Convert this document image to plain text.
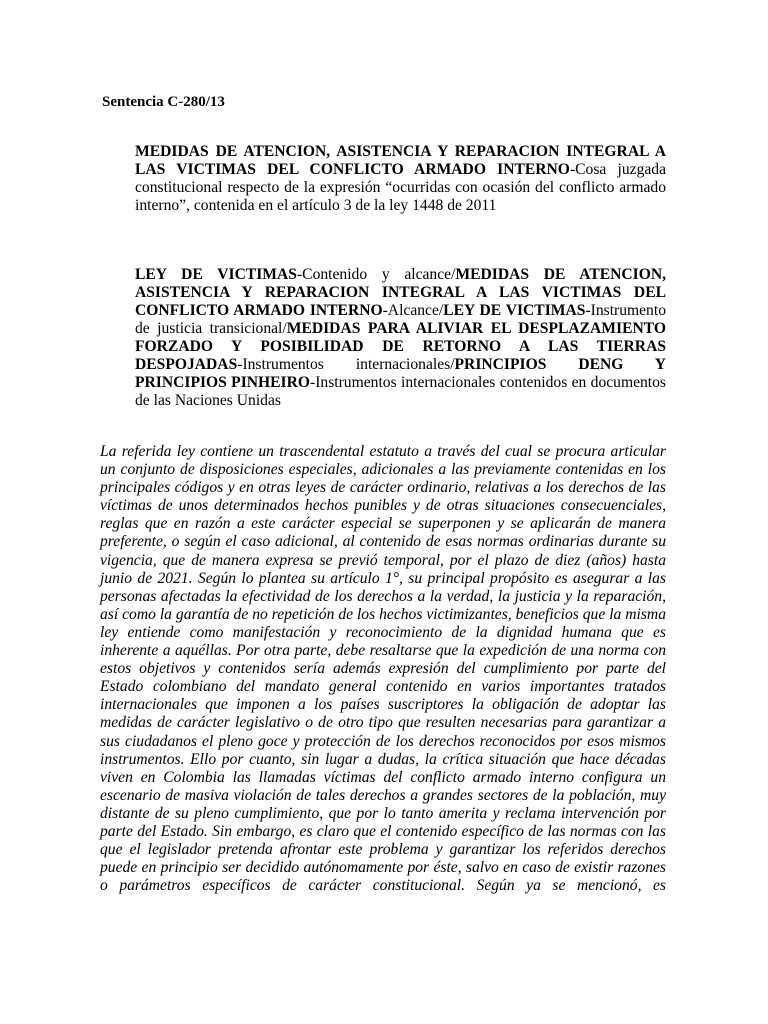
Sentencia C-280/13

MEDIDAS DE ATENCION, ASISTENCIA Y REPARACION INTEGRAL A LAS VICTIMAS DEL CONFLICTO ARMADO INTERNO-Cosa juzgada constitucional respecto de la expresión “ocurridas con ocasión del conflicto armado interno”, contenida en el artículo 3 de la ley 1448 de 2011

LEY DE VICTIMAS-Contenido y alcance/MEDIDAS DE ATENCION, ASISTENCIA Y REPARACION INTEGRAL A LAS VICTIMAS DEL CONFLICTO ARMADO INTERNO-Alcance/LEY DE VICTIMAS-Instrumento de justicia transicional/MEDIDAS PARA ALIVIAR EL DESPLAZAMIENTO FORZADO Y POSIBILIDAD DE RETORNO A LAS TIERRAS DESPOJADAS-Instrumentos internacionales/PRINCIPIOS DENG Y PRINCIPIOS PINHEIRO-Instrumentos internacionales contenidos en documentos de las Naciones Unidas

La referida ley contiene un trascendental estatuto a través del cual se procura articular un conjunto de disposiciones especiales, adicionales a las previamente contenidas en los principales códigos y en otras leyes de carácter ordinario, relativas a los derechos de las víctimas de unos determinados hechos punibles y de otras situaciones consecuenciales, reglas que en razón a este carácter especial se superponen y se aplicarán de manera preferente, o según el caso adicional, al contenido de esas normas ordinarias durante su vigencia, que de manera expresa se previó temporal, por el plazo de diez (años) hasta junio de 2021. Según lo plantea su artículo 1°, su principal propósito es asegurar a las personas afectadas la efectividad de los derechos a la verdad, la justicia y la reparación, así como la garantía de no repetición de los hechos victimizantes, beneficios que la misma ley entiende como manifestación y reconocimiento de la dignidad humana que es inherente a aquéllas. Por otra parte, debe resaltarse que la expedición de una norma con estos objetivos y contenidos sería además expresión del cumplimiento por parte del Estado colombiano del mandato general contenido en varios importantes tratados internacionales que imponen a los países suscriptores la obligación de adoptar las medidas de carácter legislativo o de otro tipo que resulten necesarias para garantizar a sus ciudadanos el pleno goce y protección de los derechos reconocidos por esos mismos instrumentos. Ello por cuanto, sin lugar a dudas, la crítica situación que hace décadas viven en Colombia las llamadas víctimas del conflicto armado interno configura un escenario de masiva violación de tales derechos a grandes sectores de la población, muy distante de su pleno cumplimiento, que por lo tanto amerita y reclama intervención por parte del Estado. Sin embargo, es claro que el contenido específico de las normas con las que el legislador pretenda afrontar este problema y garantizar los referidos derechos puede en principio ser decidido autónomamente por éste, salvo en caso de existir razones o parámetros específicos de carácter constitucional. Según ya se mencionó, es
